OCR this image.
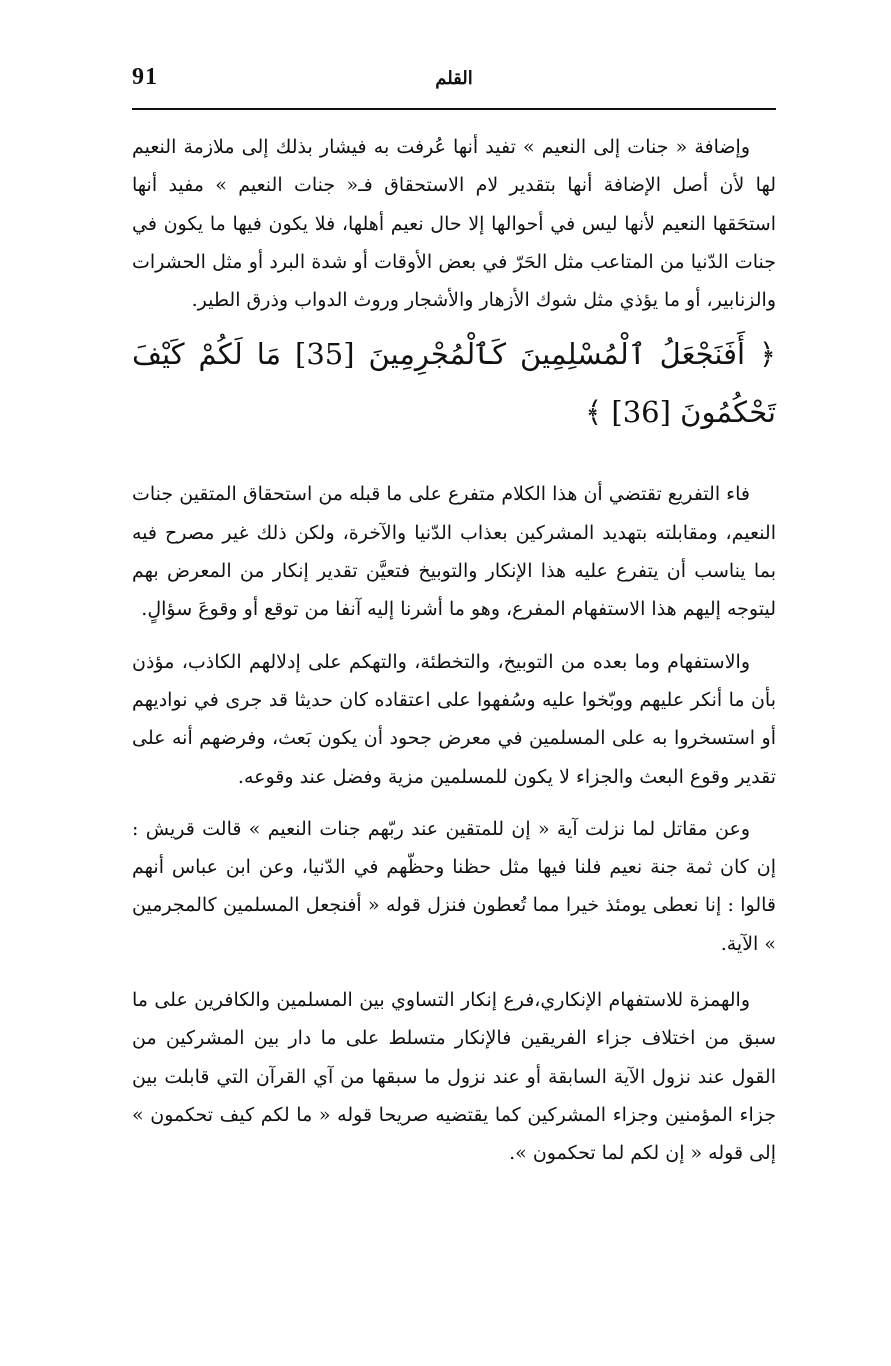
91	القلم

وإضافة « جنات إلى النعيم » تفيد أنها عُرفت به فيشار بذلك إلى ملازمة النعيم لها لأن أصل الإضافة أنها بتقدير لام الاستحقاق فـ« جنات النعيم » مفيد أنها استحَقها النعيم لأنها ليس في أحوالها إلا حال نعيم أهلها، فلا يكون فيها ما يكون في جنات الدّنيا من المتاعب مثل الحَرّ في بعض الأوقات أو شدة البرد أو مثل الحشرات والزنابير، أو ما يؤذي مثل شوك الأزهار والأشجار وروث الدواب وذرق الطير.

﴿ أَفَنَجْعَلُ ٱلْمُسْلِمِينَ كَٱلْمُجْرِمِينَ [35] مَا لَكُمْ كَيْفَ تَحْكُمُونَ [36] ﴾

فاء التفريع تقتضي أن هذا الكلام متفرع على ما قبله من استحقاق المتقين جنات النعيم، ومقابلته بتهديد المشركين بعذاب الدّنيا والآخرة، ولكن ذلك غير مصرح فيه بما يناسب أن يتفرع عليه هذا الإنكار والتوبيخ فتعيَّن تقدير إنكار من المعرض بهم ليتوجه إليهم هذا الاستفهام المفرع، وهو ما أشرنا إليه آنفا من توقع أو وقوعَ سؤالٍ.

والاستفهام وما بعده من التوبيخ، والتخطئة، والتهكم على إدلالهم الكاذب، مؤذن بأن ما أنكر عليهم ووبّخوا عليه وسُفهوا على اعتقاده كان حديثا قد جرى في نواديهم أو استسخروا به على المسلمين في معرض جحود أن يكون بَعث، وفرضهم أنه على تقدير وقوع البعث والجزاء لا يكون للمسلمين مزية وفضل عند وقوعه.

وعن مقاتل لما نزلت آية « إن للمتقين عند ربّهم جنات النعيم » قالت قريش : إن كان ثمة جنة نعيم فلنا فيها مثل حظنا وحظّهم في الدّنيا، وعن ابن عباس أنهم قالوا : إنا نعطى يومئذ خيرا مما تُعطون فنزل قوله « أفنجعل المسلمين كالمجرمين » الآية.

والهمزة للاستفهام الإنكاري،فرع إنكار التساوي بين المسلمين والكافرين على ما سبق من اختلاف جزاء الفريقين فالإنكار متسلط على ما دار بين المشركين من القول عند نزول الآية السابقة أو عند نزول ما سبقها من آي القرآن التي قابلت بين جزاء المؤمنين وجزاء المشركين كما يقتضيه صريحا قوله « ما لكم كيف تحكمون » إلى قوله « إن لكم لما تحكمون ».
